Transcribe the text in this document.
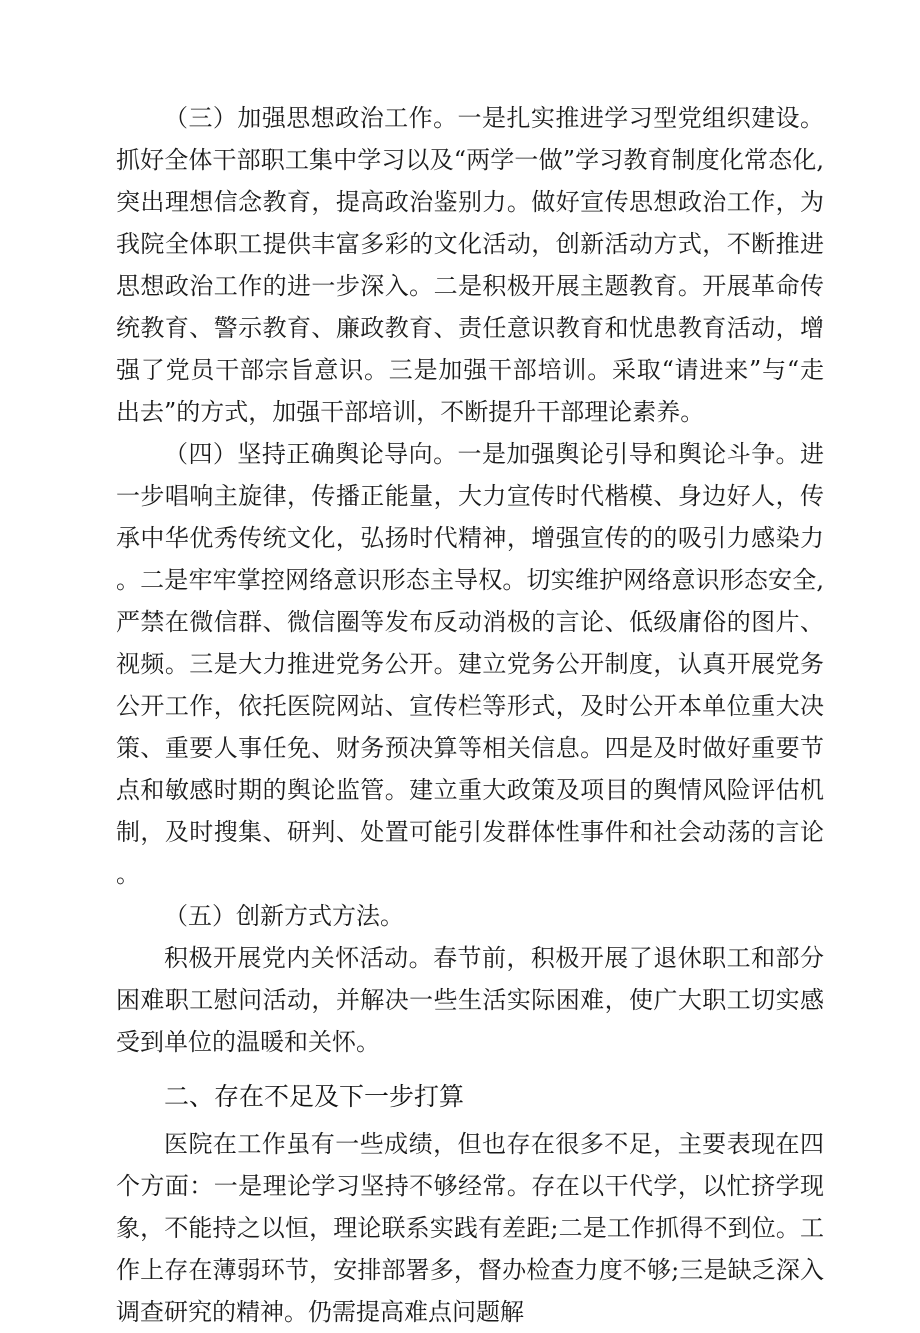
（三）加强思想政治工作。一是扎实推进学习型党组织建设。抓好全体干部职工集中学习以及“两学一做”学习教育制度化常态化,突出理想信念教育，提高政治鉴别力。做好宣传思想政治工作，为我院全体职工提供丰富多彩的文化活动，创新活动方式，不断推进思想政治工作的进一步深入。二是积极开展主题教育。开展革命传统教育、警示教育、廉政教育、责任意识教育和忧患教育活动，增强了党员干部宗旨意识。三是加强干部培训。采取“请进来”与“走出去”的方式，加强干部培训，不断提升干部理论素养。

（四）坚持正确舆论导向。一是加强舆论引导和舆论斗争。进一步唱响主旋律，传播正能量，大力宣传时代楷模、身边好人，传承中华优秀传统文化，弘扬时代精神，增强宣传的的吸引力感染力。二是牢牢掌控网络意识形态主导权。切实维护网络意识形态安全,严禁在微信群、微信圈等发布反动消极的言论、低级庸俗的图片、视频。三是大力推进党务公开。建立党务公开制度，认真开展党务公开工作，依托医院网站、宣传栏等形式，及时公开本单位重大决策、重要人事任免、财务预决算等相关信息。四是及时做好重要节点和敏感时期的舆论监管。建立重大政策及项目的舆情风险评估机制，及时搜集、研判、处置可能引发群体性事件和社会动荡的言论。

（五）创新方式方法。

积极开展党内关怀活动。春节前，积极开展了退休职工和部分困难职工慰问活动，并解决一些生活实际困难，使广大职工切实感受到单位的温暖和关怀。

二、存在不足及下一步打算

医院在工作虽有一些成绩，但也存在很多不足，主要表现在四个方面：一是理论学习坚持不够经常。存在以干代学，以忙挤学现象，不能持之以恒，理论联系实践有差距;二是工作抓得不到位。工作上存在薄弱环节，安排部署多，督办检查力度不够;三是缺乏深入调查研究的精神。仍需提高难点问题解
